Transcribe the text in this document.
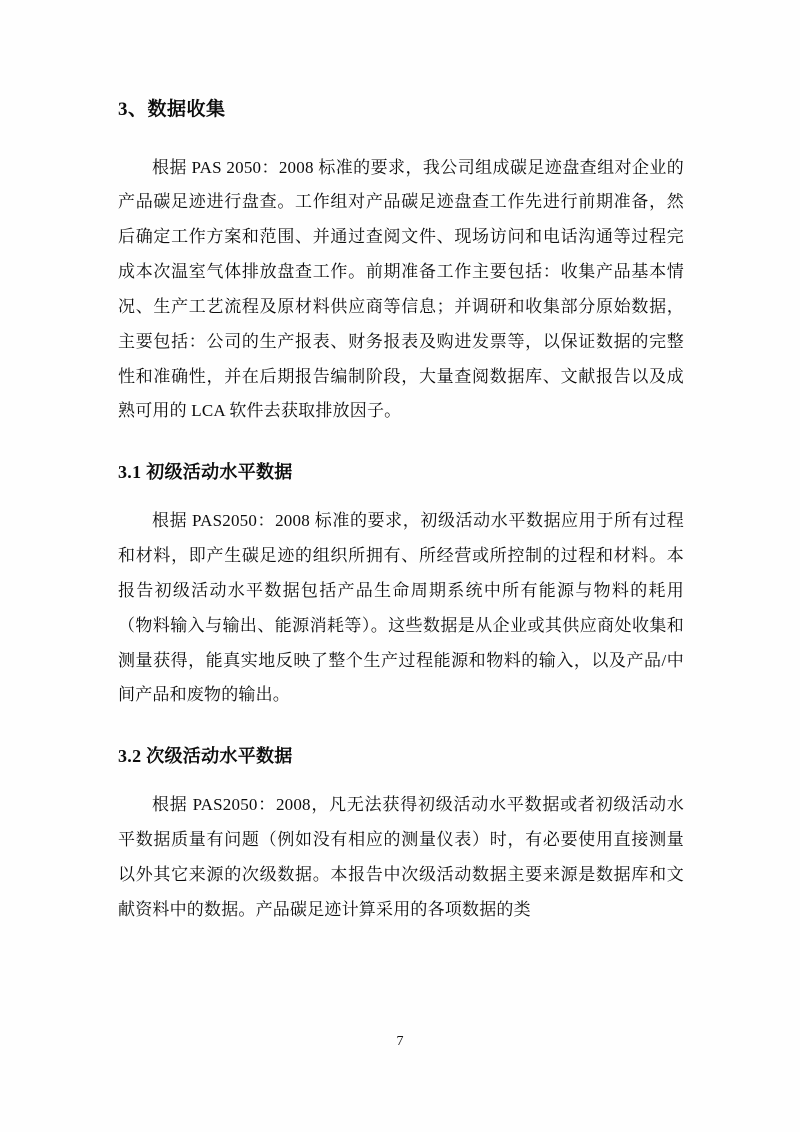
3、数据收集

根据 PAS 2050：2008 标准的要求，我公司组成碳足迹盘查组对企业的产品碳足迹进行盘查。工作组对产品碳足迹盘查工作先进行前期准备，然后确定工作方案和范围、并通过查阅文件、现场访问和电话沟通等过程完成本次温室气体排放盘查工作。前期准备工作主要包括：收集产品基本情况、生产工艺流程及原材料供应商等信息；并调研和收集部分原始数据，主要包括：公司的生产报表、财务报表及购进发票等，以保证数据的完整性和准确性，并在后期报告编制阶段，大量查阅数据库、文献报告以及成熟可用的 LCA 软件去获取排放因子。

3.1 初级活动水平数据

根据 PAS2050：2008 标准的要求，初级活动水平数据应用于所有过程和材料，即产生碳足迹的组织所拥有、所经营或所控制的过程和材料。本报告初级活动水平数据包括产品生命周期系统中所有能源与物料的耗用（物料输入与输出、能源消耗等）。这些数据是从企业或其供应商处收集和测量获得，能真实地反映了整个生产过程能源和物料的输入，以及产品/中间产品和废物的输出。

3.2 次级活动水平数据

根据 PAS2050：2008，凡无法获得初级活动水平数据或者初级活动水平数据质量有问题（例如没有相应的测量仪表）时，有必要使用直接测量以外其它来源的次级数据。本报告中次级活动数据主要来源是数据库和文献资料中的数据。产品碳足迹计算采用的各项数据的类

7
